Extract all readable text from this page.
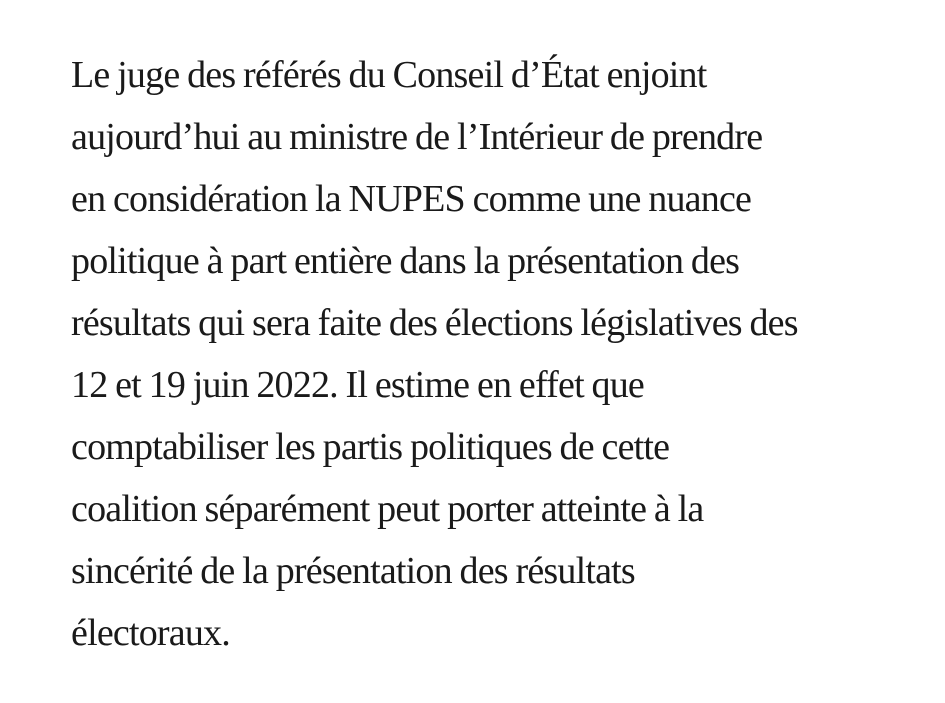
Le juge des référés du Conseil d’État enjoint
aujourd’hui au ministre de l’Intérieur de prendre
en considération la NUPES comme une nuance
politique à part entière dans la présentation des
résultats qui sera faite des élections législatives des
12 et 19 juin 2022. Il estime en effet que
comptabiliser les partis politiques de cette
coalition séparément peut porter atteinte à la
sincérité de la présentation des résultats
électoraux.
